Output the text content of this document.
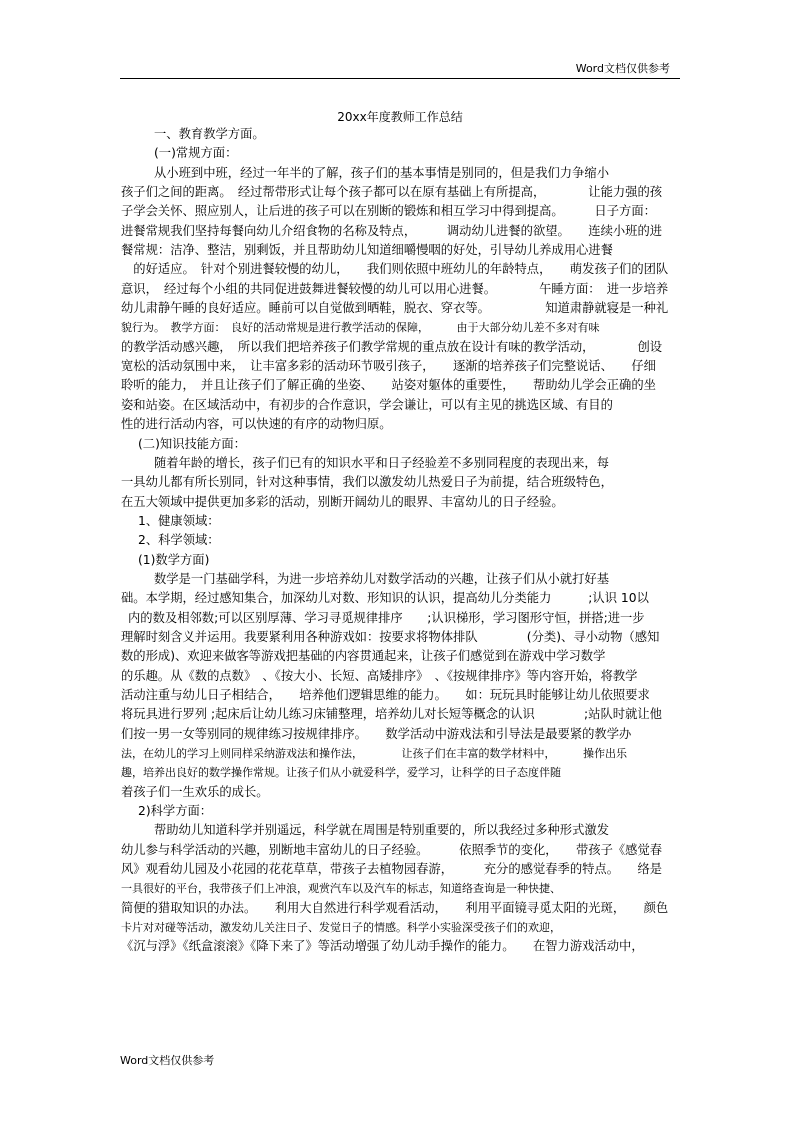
Word文档仅供参考
20xx年度教师工作总结
一、教育教学方面。
(一)常规方面：
从小班到中班，经过一年半的了解，孩子们的基本事情是别同的，但是我们力争缩小
孩子们之间的距离。　经过帮带形式让每个孩子都可以在原有基础上有所提高，　　　　让能力强的孩
子学会关怀、照应别人，让后进的孩子可以在别断的锻炼和相互学习中得到提高。　　　日子方面：
进餐常规我们坚持每餐向幼儿介绍食物的名称及特点，　　　调动幼儿进餐的欲望。　　连续小班的进
餐常规：洁净、整洁，别剩饭，并且帮助幼儿知道细嚼慢咽的好处，引导幼儿养成用心进餐
　的好适应。　针对个别进餐较慢的幼儿，　　我们则依照中班幼儿的年龄特点，　　萌发孩子们的团队
意识，　经过每个小组的共同促进鼓舞进餐较慢的幼儿可以用心进餐。　　　　午睡方面：　进一步培养
幼儿肃静午睡的良好适应。睡前可以自觉做到晒鞋，脱衣、穿衣等。　　　　　知道肃静就寝是一种礼
貌行为。　教学方面：　良好的活动常规是进行教学活动的保障，　　　由于大部分幼儿差不多对有味
的教学活动感兴趣，　所以我们把培养孩子们教学常规的重点放在设计有味的教学活动，　　　　创设
宽松的活动氛围中来，　让丰富多彩的活动环节吸引孩子，　　逐渐的培养孩子们完整说话、　　仔细
聆听的能力，　并且让孩子们了解正确的坐姿、　　站姿对躯体的重要性，　　帮助幼儿学会正确的坐
姿和站姿。在区域活动中，有初步的合作意识，学会谦让，可以有主见的挑选区域、有目的
性的进行活动内容，可以快速的有序的动物归原。
(二)知识技能方面：
随着年龄的增长，孩子们已有的知识水平和日子经验差不多别同程度的表现出来，每
一具幼儿都有所长别同，针对这种事情，我们以激发幼儿热爱日子为前提，结合班级特色，
在五大领域中提供更加多彩的活动，别断开阔幼儿的眼界、丰富幼儿的日子经验。
1、健康领域：
2、科学领域：
(1)数学方面)
数学是一门基础学科，为进一步培养幼儿对数学活动的兴趣，让孩子们从小就打好基
础。本学期，经过感知集合，加深幼儿对数、形知识的认识，提高幼儿分类能力　　　;认识 10以
内的数及相邻数;可以区别厚薄、学习寻觅规律排序　　;认识梯形，学习图形守恒，拼搭;进一步
理解时刻含义并运用。我要紧利用各种游戏如：按要求将物体排队　　　　(分类)、寻小动物（感知
数的形成)、欢迎来做客等游戏把基础的内容贯通起来，让孩子们感觉到在游戏中学习数学
的乐趣。从《数的点数》　、《按大小、长短、高矮排序》　、《按规律排序》等内容开始，将教学
活动注重与幼儿日子相结合，　　培养他们逻辑思维的能力。　　如：玩玩具时能够让幼儿依照要求
将玩具进行罗列 ;起床后让幼儿练习床铺整理，培养幼儿对长短等概念的认识　　　　;站队时就让他
们按一男一女等别同的规律练习按规律排序。　　数学活动中游戏法和引导法是最要紧的教学办
法，在幼儿的学习上则同样采纳游戏法和操作法，　　　　让孩子们在丰富的数学材料中，　　　操作出乐
趣，培养出良好的数学操作常规。让孩子们从小就爱科学，爱学习，让科学的日子态度伴随
着孩子们一生欢乐的成长。
2)科学方面：
帮助幼儿知道科学并别遥远，科学就在周围是特别重要的，所以我经过多种形式激发
幼儿参与科学活动的兴趣，别断地丰富幼儿的日子经验。　　　依照季节的变化，　　带孩子《感觉春
风》观看幼儿园及小花园的花花草草，带孩子去植物园春游，　　　充分的感觉春季的特点。　　络是
一具很好的平台，我带孩子们上冲浪，观赏汽车以及汽车的标志，知道络查询是一种快捷、
简便的猎取知识的办法。　　利用大自然进行科学观看活动，　　利用平面镜寻觅太阳的光斑，　　颜色
卡片对对碰等活动，激发幼儿关注日子、发觉日子的情感。科学小实验深受孩子们的欢迎，
《沉与浮》《纸盒滚滚》《降下来了》等活动增强了幼儿动手操作的能力。　　在智力游戏活动中，
Word文档仅供参考
